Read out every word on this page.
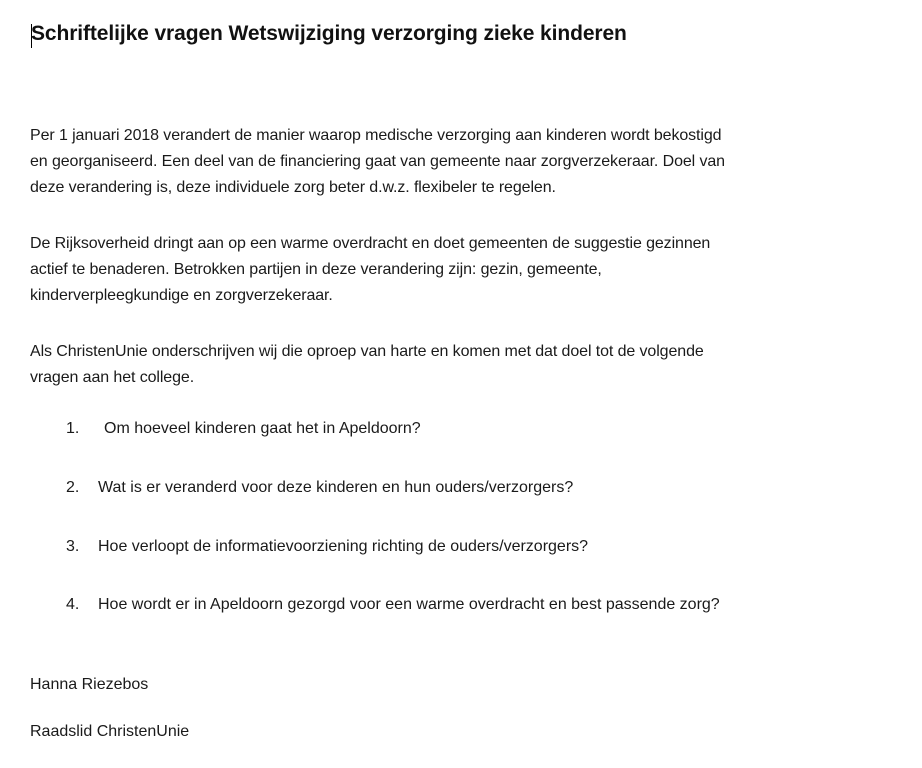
Schriftelijke vragen Wetswijziging verzorging zieke kinderen
Per 1 januari 2018 verandert de manier waarop medische verzorging aan kinderen wordt bekostigd
en georganiseerd. Een deel van de financiering gaat van gemeente naar zorgverzekeraar. Doel van
deze verandering is, deze individuele zorg beter d.w.z. flexibeler te regelen.
De Rijksoverheid dringt aan op een warme overdracht en doet gemeenten de suggestie gezinnen
actief te benaderen. Betrokken partijen in deze verandering zijn: gezin, gemeente,
kinderverpleegkundige en zorgverzekeraar.
Als ChristenUnie onderschrijven wij die oproep van harte en komen met dat doel tot de volgende
vragen aan het college.
1. Om hoeveel kinderen gaat het in Apeldoorn?
2. Wat is er veranderd voor deze kinderen en hun ouders/verzorgers?
3. Hoe verloopt de informatievoorziening richting de ouders/verzorgers?
4. Hoe wordt er in Apeldoorn gezorgd voor een warme overdracht en best passende zorg?
Hanna Riezebos
Raadslid ChristenUnie
